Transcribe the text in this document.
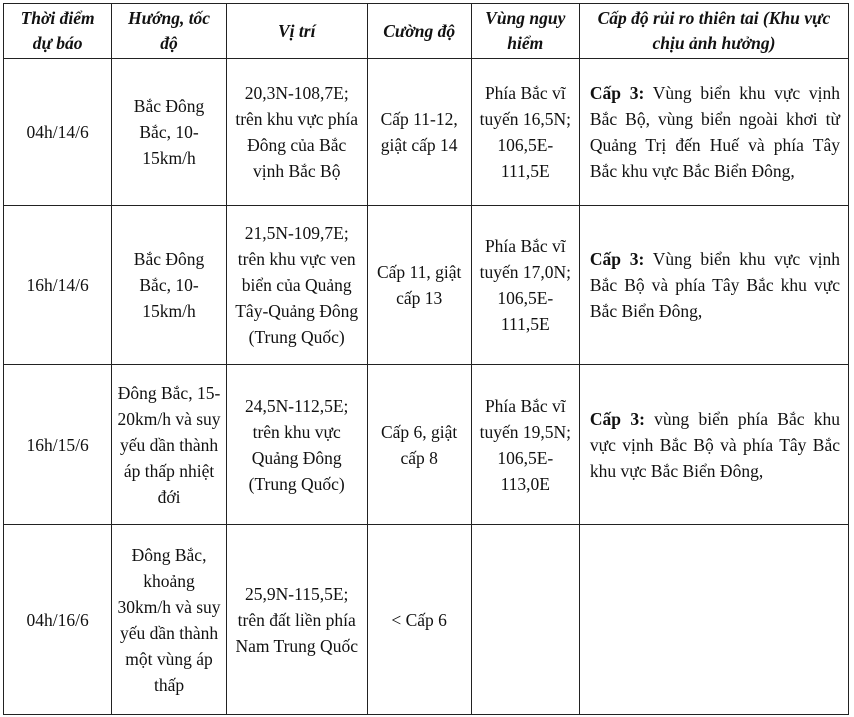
Thời điểm dự báo	Hướng, tốc độ	Vị trí	Cường độ	Vùng nguy hiểm	Cấp độ rủi ro thiên tai (Khu vực chịu ảnh hưởng)
04h/14/6	Bắc Đông Bắc, 10-15km/h	20,3N-108,7E; trên khu vực phía Đông của Bắc vịnh Bắc Bộ	Cấp 11-12, giật cấp 14	Phía Bắc vĩ tuyến 16,5N; 106,5E-111,5E	Cấp 3: Vùng biển khu vực vịnh Bắc Bộ, vùng biển ngoài khơi từ Quảng Trị đến Huế và phía Tây Bắc khu vực Bắc Biển Đông,
16h/14/6	Bắc Đông Bắc, 10-15km/h	21,5N-109,7E; trên khu vực ven biển của Quảng Tây-Quảng Đông (Trung Quốc)	Cấp 11, giật cấp 13	Phía Bắc vĩ tuyến 17,0N; 106,5E-111,5E	Cấp 3: Vùng biển khu vực vịnh Bắc Bộ và phía Tây Bắc khu vực Bắc Biển Đông,
16h/15/6	Đông Bắc, 15-20km/h và suy yếu dần thành áp thấp nhiệt đới	24,5N-112,5E; trên khu vực Quảng Đông (Trung Quốc)	Cấp 6, giật cấp 8	Phía Bắc vĩ tuyến 19,5N; 106,5E-113,0E	Cấp 3: vùng biển phía Bắc khu vực vịnh Bắc Bộ và phía Tây Bắc khu vực Bắc Biển Đông,
04h/16/6	Đông Bắc, khoảng 30km/h và suy yếu dần thành một vùng áp thấp	25,9N-115,5E; trên đất liền phía Nam Trung Quốc	< Cấp 6		
